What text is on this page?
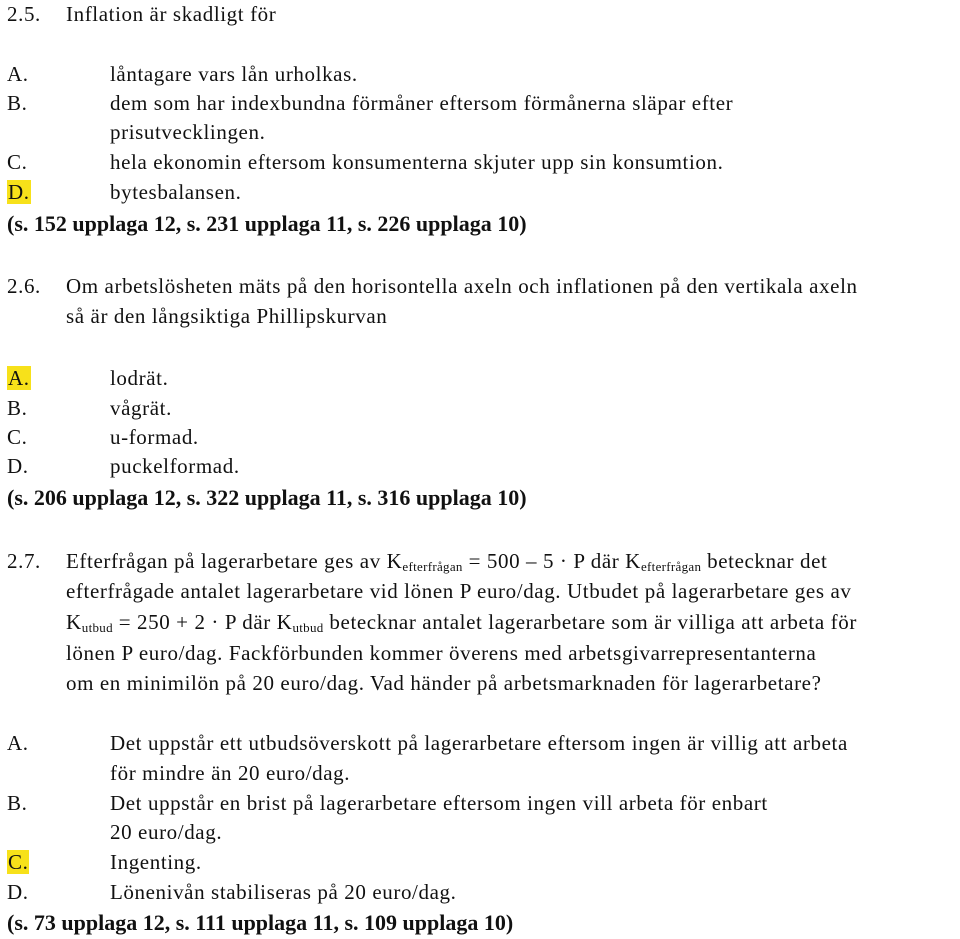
2.5. Inflation är skadligt för
A.	låntagare vars lån urholkas.
B.	dem som har indexbundna förmåner eftersom förmånerna släpar efter
prisutvecklingen.
C.	hela ekonomin eftersom konsumenterna skjuter upp sin konsumtion.
D.	bytesbalansen.
(s. 152 upplaga 12, s. 231 upplaga 11, s. 226 upplaga 10)
2.6. Om arbetslösheten mäts på den horisontella axeln och inflationen på den vertikala axeln
så är den långsiktiga Phillipskurvan
A.	lodrät.
B.	vågrät.
C.	u-formad.
D.	puckelformad.
(s. 206 upplaga 12, s. 322 upplaga 11, s. 316 upplaga 10)
2.7. Efterfrågan på lagerarbetare ges av $K_{efterfrågan} = 500 - 5 \cdot P$ där $K_{efterfrågan}$ betecknar det
efterfrågade antalet lagerarbetare vid lönen P euro/dag. Utbudet på lagerarbetare ges av
$K_{utbud} = 250 + 2 \cdot P$ där $K_{utbud}$ betecknar antalet lagerarbetare som är villiga att arbeta för
lönen P euro/dag. Fackförbunden kommer överens med arbetsgivarrepresentanterna
om en minimilön på 20 euro/dag. Vad händer på arbetsmarknaden för lagerarbetare?
A.	Det uppstår ett utbudsöverskott på lagerarbetare eftersom ingen är villig att arbeta
för mindre än 20 euro/dag.
B.	Det uppstår en brist på lagerarbetare eftersom ingen vill arbeta för enbart
20 euro/dag.
C.	Ingenting.
D.	Lönenivån stabiliseras på 20 euro/dag.
(s. 73 upplaga 12, s. 111 upplaga 11, s. 109 upplaga 10)
